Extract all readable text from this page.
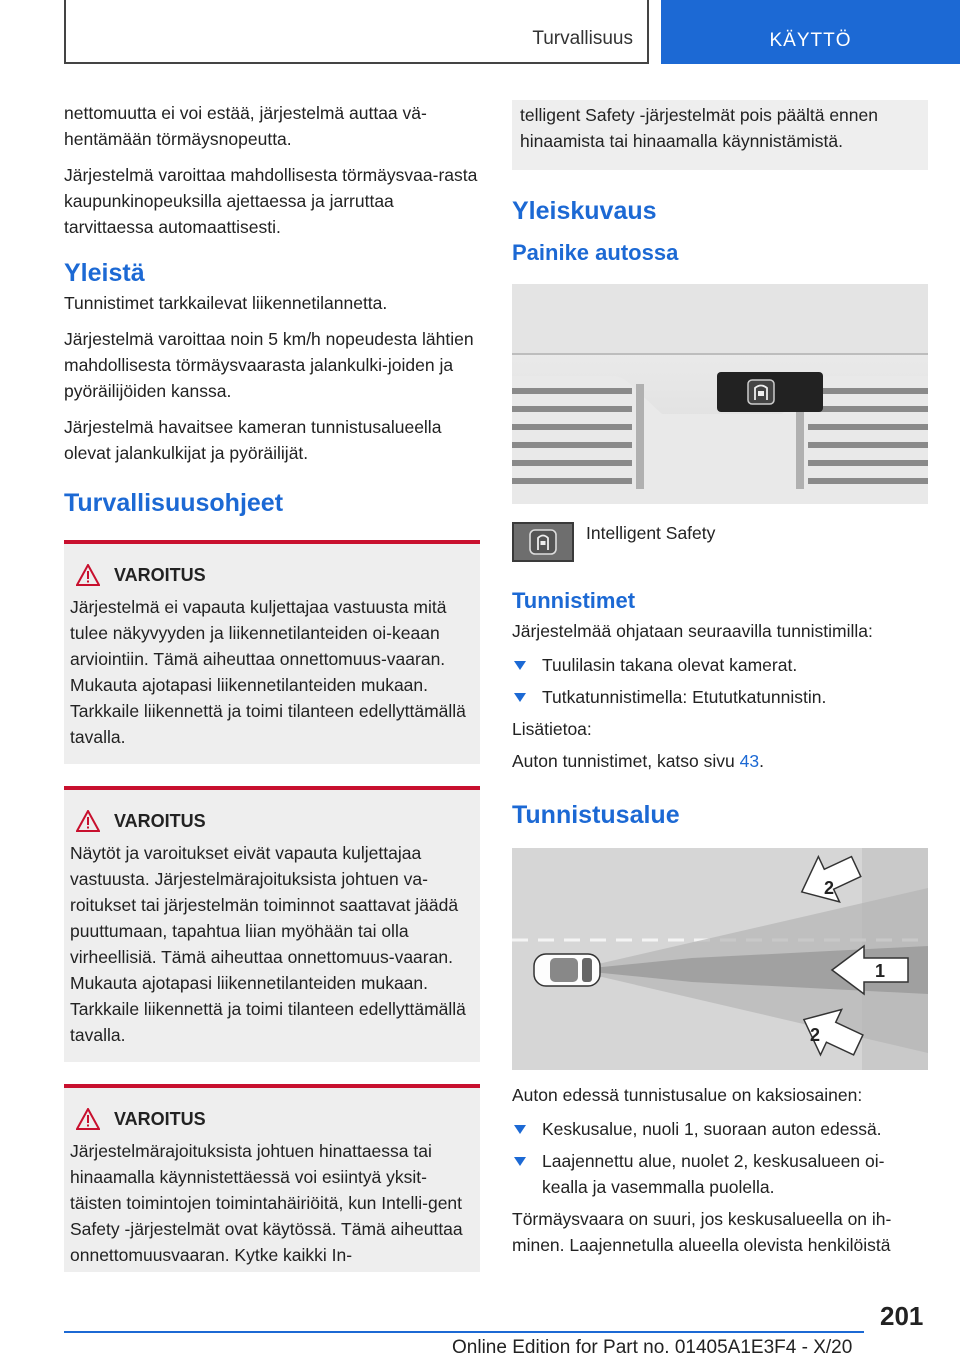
Turvallisuus	KÄYTTÖ

nettomuutta ei voi estää, järjestelmä auttaa vä-hentämään törmäysnopeutta.

Järjestelmä varoittaa mahdollisesta törmäysvaa-rasta kaupunkinopeuksilla ajettaessa ja jarruttaa tarvittaessa automaattisesti.

Yleistä

Tunnistimet tarkkailevat liikennetilannetta.

Järjestelmä varoittaa noin 5 km/h nopeudesta lähtien mahdollisesta törmäysvaarasta jalankulki-joiden ja pyöräilijöiden kanssa.

Järjestelmä havaitsee kameran tunnistusalueella olevat jalankulkijat ja pyöräilijät.

Turvallisuusohjeet
VAROITUS

Järjestelmä ei vapauta kuljettajaa vastuusta mitä tulee näkyvyyden ja liikennetilanteiden oi-keaan arviointiin. Tämä aiheuttaa onnettomuus-vaaran. Mukauta ajotapasi liikennetilanteiden mukaan. Tarkkaile liikennettä ja toimi tilanteen edellyttämällä tavalla.

VAROITUS

Näytöt ja varoitukset eivät vapauta kuljettajaa vastuusta. Järjestelmärajoituksista johtuen va-roitukset tai järjestelmän toiminnot saattavat jäädä puuttumaan, tapahtua liian myöhään tai olla virheellisiä. Tämä aiheuttaa onnettomuus-vaaran. Mukauta ajotapasi liikennetilanteiden mukaan. Tarkkaile liikennettä ja toimi tilanteen edellyttämällä tavalla.

VAROITUS

Järjestelmärajoituksista johtuen hinattaessa tai hinaamalla käynnistettäessä voi esiintyä yksit-täisten toimintojen toimintahäiriöitä, kun Intelli-gent Safety -järjestelmät ovat käytössä. Tämä aiheuttaa onnettomuusvaaran. Kytke kaikki In-

telligent Safety -järjestelmät pois päältä ennen hinaamista tai hinaamalla käynnistämistä.

Yleiskuvaus
Painike autossa
Intelligent Safety
Tunnistimet

Järjestelmää ohjataan seuraavilla tunnistimilla:

Tuulilasin takana olevat kamerat.
Tutkatunnistimella: Etututkatunnistin.

Lisätietoa:

Auton tunnistimet, katso sivu 43.

Tunnistusalue
2
1
2

Auton edessä tunnistusalue on kaksiosainen:

Keskusalue, nuoli 1, suoraan auton edessä.
Laajennettu alue, nuolet 2, keskusalueen oi-kealla ja vasemmalla puolella.

Törmäysvaara on suuri, jos keskusalueella on ih-minen. Laajennetulla alueella olevista henkilöistä

201
Online Edition for Part no. 01405A1E3F4 - X/20
